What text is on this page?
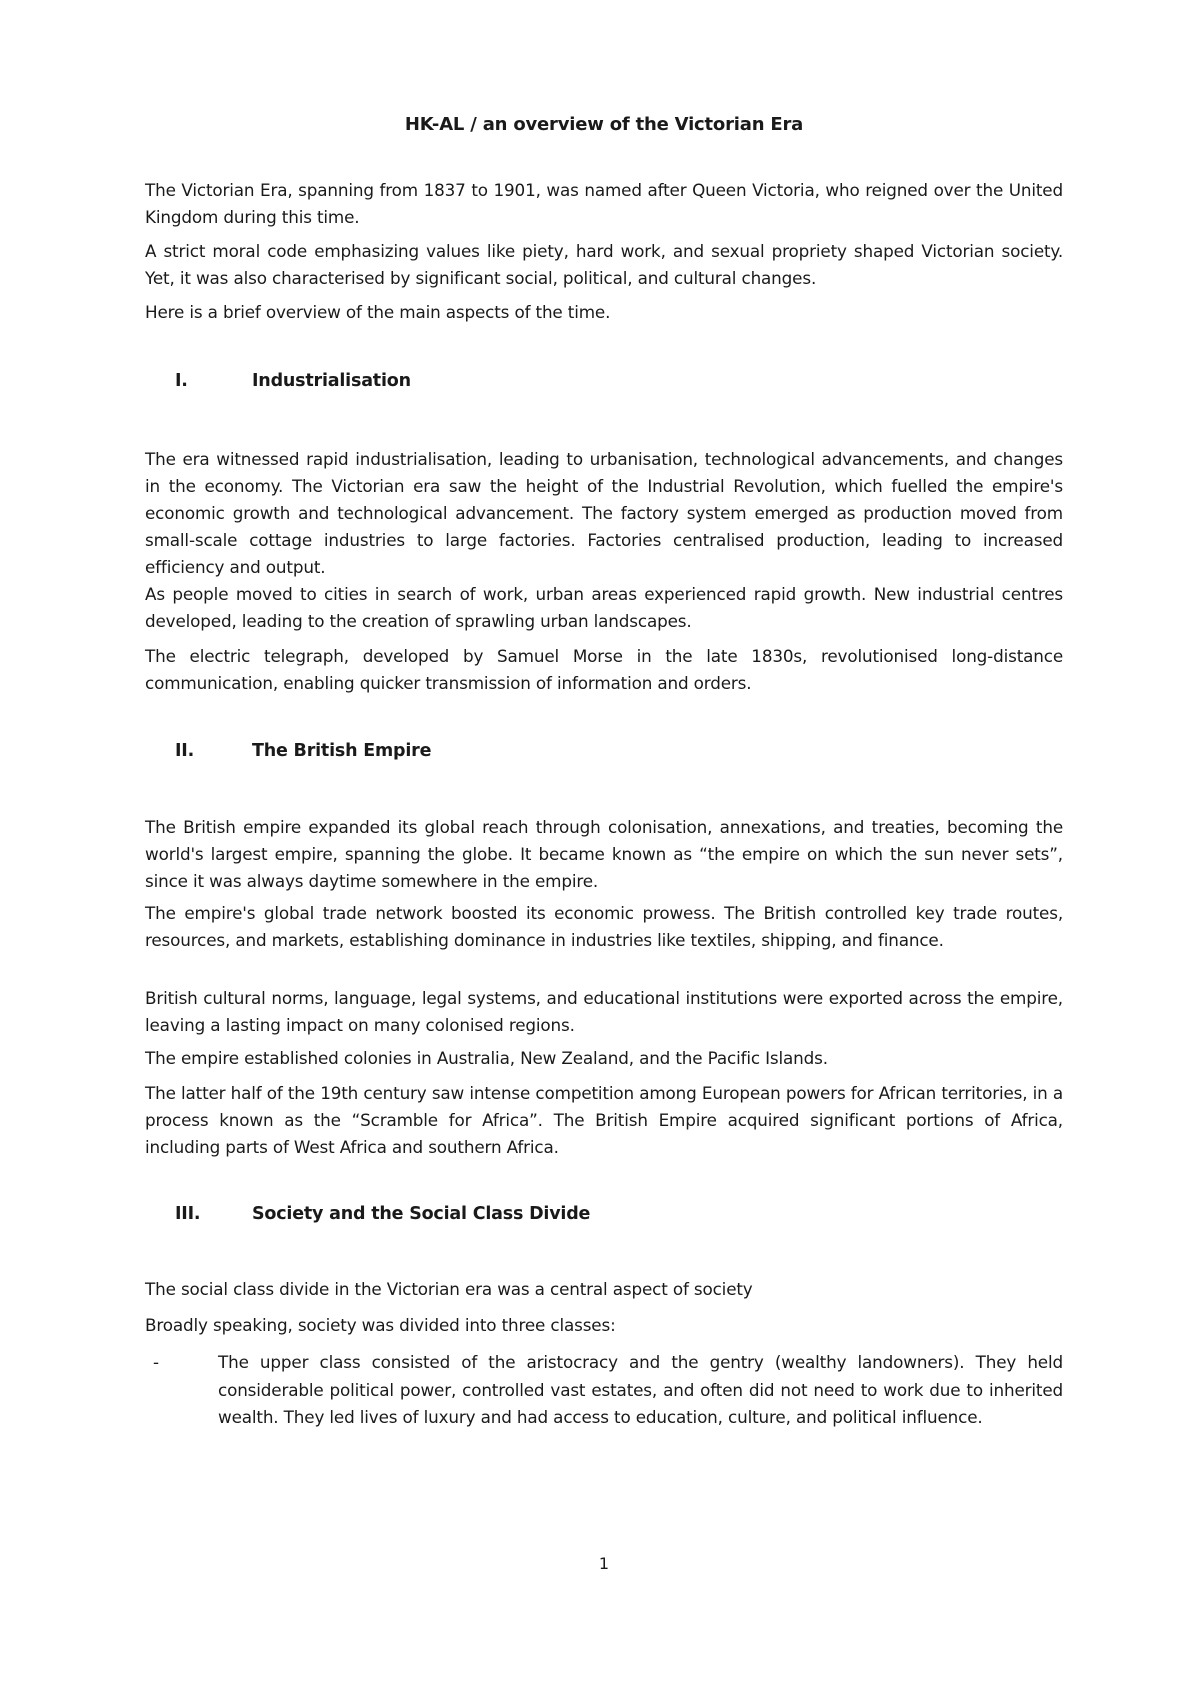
HK-AL / an overview of the Victorian Era

The Victorian Era, spanning from 1837 to 1901, was named after Queen Victoria, who reigned over the United Kingdom during this time.

A strict moral code emphasizing values like piety, hard work, and sexual propriety shaped Victorian society. Yet, it was also characterised by significant social, political, and cultural changes.

Here is a brief overview of the main aspects of the time.

I.	Industrialisation

The era witnessed rapid industrialisation, leading to urbanisation, technological advancements, and changes in the economy. The Victorian era saw the height of the Industrial Revolution, which fuelled the empire's economic growth and technological advancement. The factory system emerged as production moved from small-scale cottage industries to large factories. Factories centralised production, leading to increased efficiency and output.

As people moved to cities in search of work, urban areas experienced rapid growth. New industrial centres developed, leading to the creation of sprawling urban landscapes.

The electric telegraph, developed by Samuel Morse in the late 1830s, revolutionised long-distance communication, enabling quicker transmission of information and orders.

II.	The British Empire

The British empire expanded its global reach through colonisation, annexations, and treaties, becoming the world's largest empire, spanning the globe. It became known as “the empire on which the sun never sets”, since it was always daytime somewhere in the empire.

The empire's global trade network boosted its economic prowess. The British controlled key trade routes, resources, and markets, establishing dominance in industries like textiles, shipping, and finance.

British cultural norms, language, legal systems, and educational institutions were exported across the empire, leaving a lasting impact on many colonised regions.

The empire established colonies in Australia, New Zealand, and the Pacific Islands.

The latter half of the 19th century saw intense competition among European powers for African territories, in a process known as the “Scramble for Africa”. The British Empire acquired significant portions of Africa, including parts of West Africa and southern Africa.

III.	Society and the Social Class Divide

The social class divide in the Victorian era was a central aspect of society

Broadly speaking, society was divided into three classes:

-	The upper class consisted of the aristocracy and the gentry (wealthy landowners). They held considerable political power, controlled vast estates, and often did not need to work due to inherited wealth. They led lives of luxury and had access to education, culture, and political influence.
1
